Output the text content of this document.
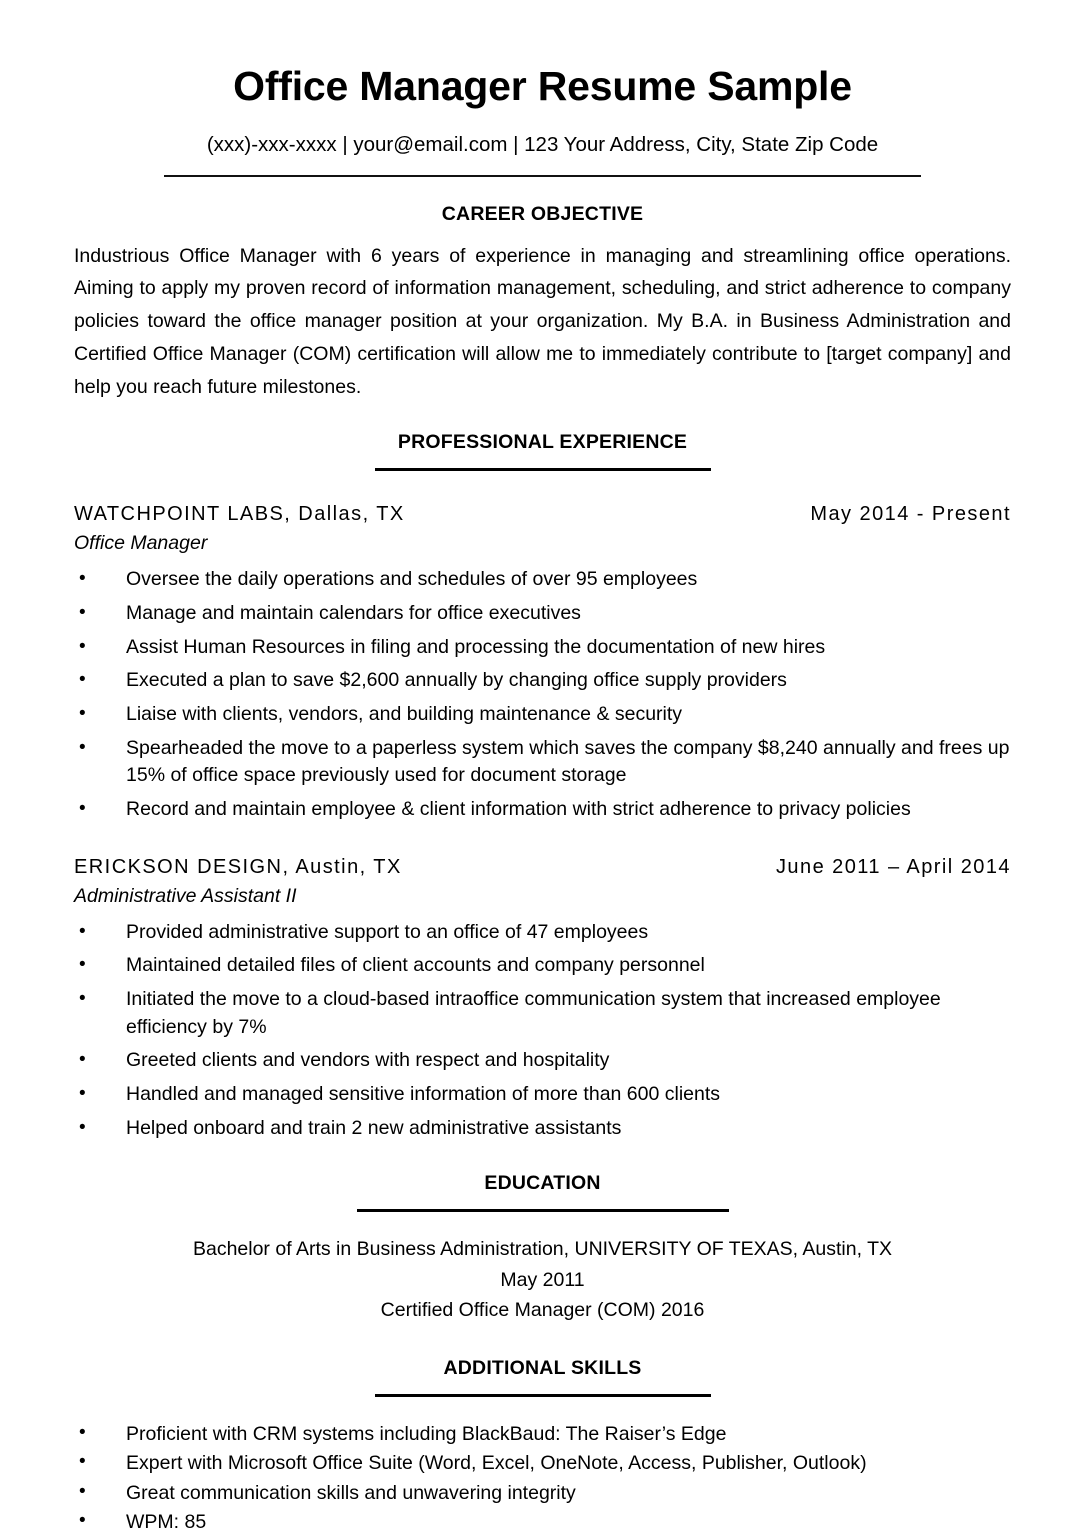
Office Manager Resume Sample
(xxx)-xxx-xxxx | your@email.com | 123 Your Address, City, State Zip Code
CAREER OBJECTIVE

Industrious Office Manager with 6 years of experience in managing and streamlining office operations. Aiming to apply my proven record of information management, scheduling, and strict adherence to company policies toward the office manager position at your organization. My B.A. in Business Administration and Certified Office Manager (COM) certification will allow me to immediately contribute to [target company] and help you reach future milestones.

PROFESSIONAL EXPERIENCE
WATCHPOINT LABS, Dallas, TX	May 2014 - Present
Office Manager
• Oversee the daily operations and schedules of over 95 employees
• Manage and maintain calendars for office executives
• Assist Human Resources in filing and processing the documentation of new hires
• Executed a plan to save $2,600 annually by changing office supply providers
• Liaise with clients, vendors, and building maintenance & security
• Spearheaded the move to a paperless system which saves the company $8,240 annually and frees up 15% of office space previously used for document storage
• Record and maintain employee & client information with strict adherence to privacy policies
ERICKSON DESIGN, Austin, TX	June 2011 – April 2014
Administrative Assistant II
• Provided administrative support to an office of 47 employees
• Maintained detailed files of client accounts and company personnel
• Initiated the move to a cloud-based intraoffice communication system that increased employee efficiency by 7%
• Greeted clients and vendors with respect and hospitality
• Handled and managed sensitive information of more than 600 clients
• Helped onboard and train 2 new administrative assistants
EDUCATION
Bachelor of Arts in Business Administration, UNIVERSITY OF TEXAS, Austin, TX
May 2011
Certified Office Manager (COM) 2016
ADDITIONAL SKILLS
• Proficient with CRM systems including BlackBaud: The Raiser’s Edge
• Expert with Microsoft Office Suite (Word, Excel, OneNote, Access, Publisher, Outlook)
• Great communication skills and unwavering integrity
• WPM: 85
